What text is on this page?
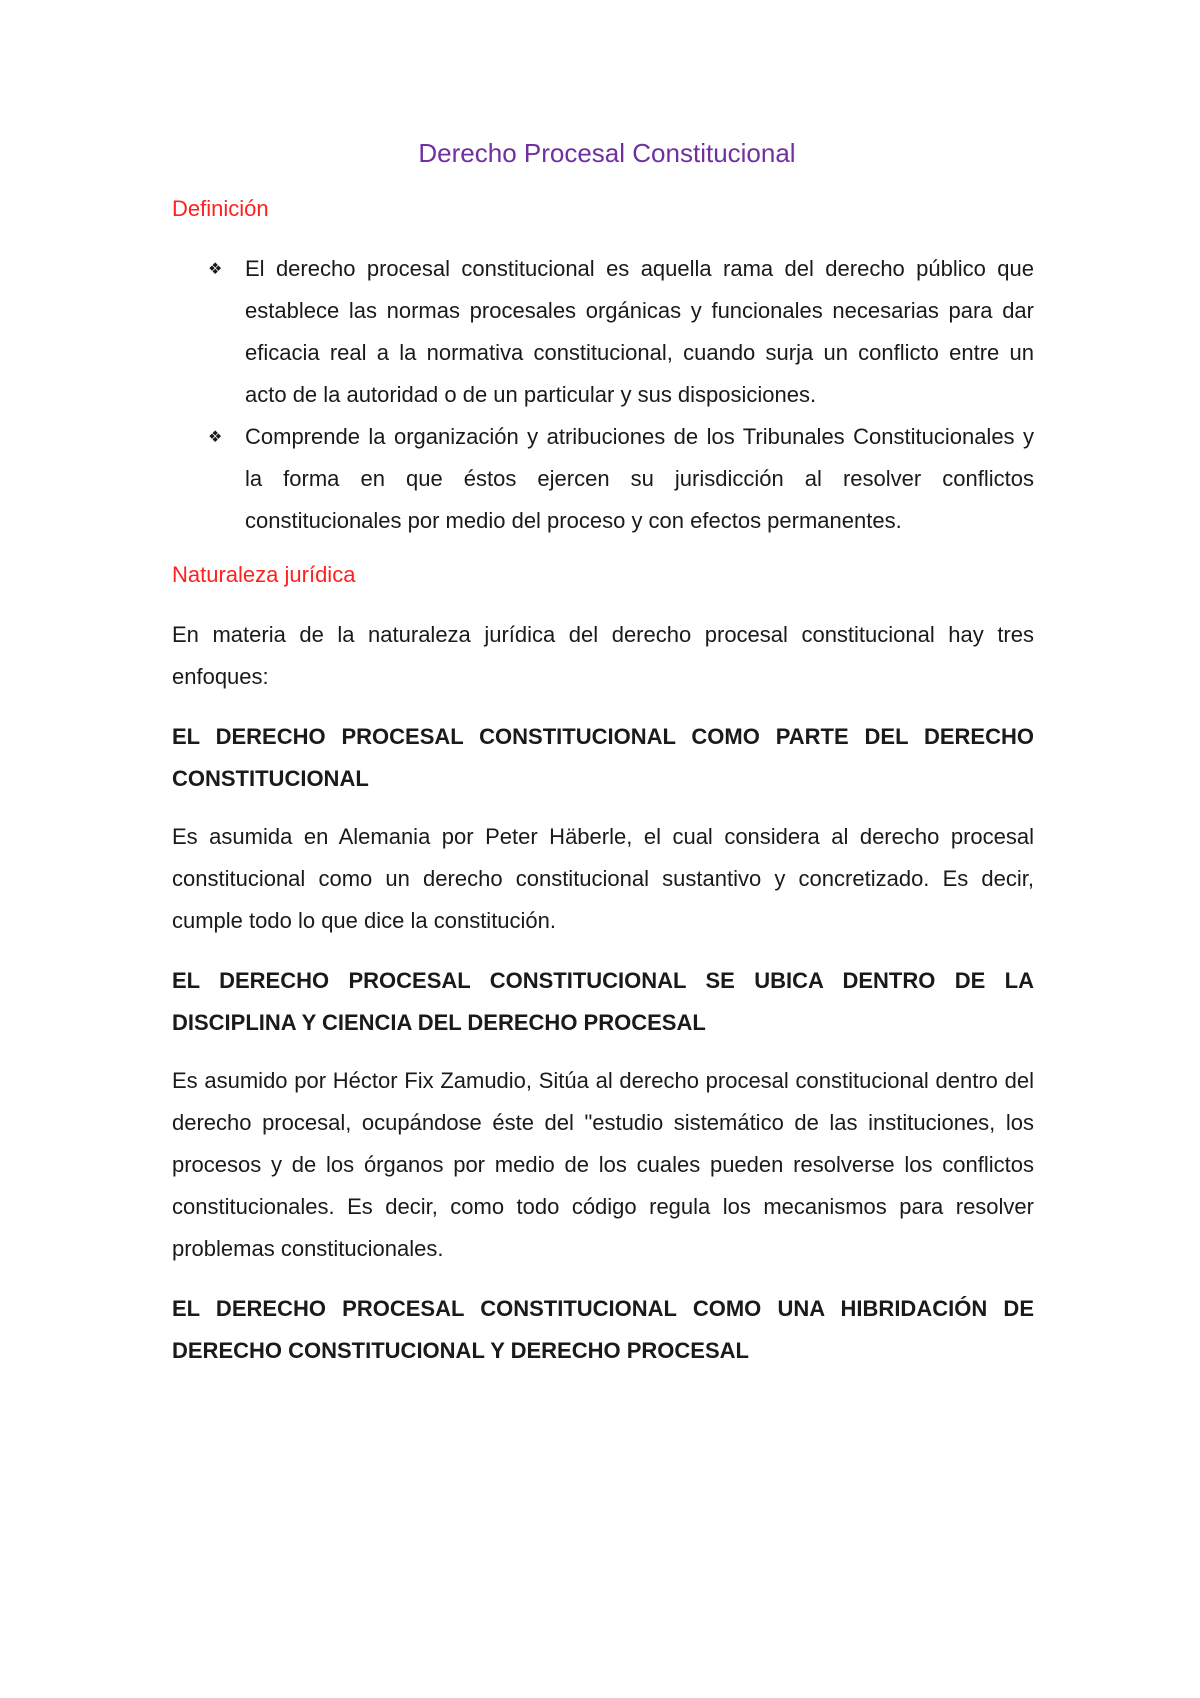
Derecho Procesal Constitucional
Definición
❖	El derecho procesal constitucional es aquella rama del derecho público que establece las normas procesales orgánicas y funcionales necesarias para dar eficacia real a la normativa constitucional, cuando surja un conflicto entre un acto de la autoridad o de un particular y sus disposiciones.
❖	Comprende la organización y atribuciones de los Tribunales Constitucionales y la forma en que éstos ejercen su jurisdicción al resolver conflictos constitucionales por medio del proceso y con efectos permanentes.
Naturaleza jurídica

En materia de la naturaleza jurídica del derecho procesal constitucional hay tres enfoques:

EL DERECHO PROCESAL CONSTITUCIONAL COMO PARTE DEL DERECHO CONSTITUCIONAL

Es asumida en Alemania por Peter Häberle, el cual considera al derecho procesal constitucional como un derecho constitucional sustantivo y concretizado. Es decir, cumple todo lo que dice la constitución.

EL DERECHO PROCESAL CONSTITUCIONAL SE UBICA DENTRO DE LA DISCIPLINA Y CIENCIA DEL DERECHO PROCESAL

Es asumido por Héctor Fix Zamudio, Sitúa al derecho procesal constitucional dentro del derecho procesal, ocupándose éste del "estudio sistemático de las instituciones, los procesos y de los órganos por medio de los cuales pueden resolverse los conflictos constitucionales. Es decir, como todo código regula los mecanismos para resolver problemas constitucionales.

EL DERECHO PROCESAL CONSTITUCIONAL COMO UNA HIBRIDACIÓN DE DERECHO CONSTITUCIONAL Y DERECHO PROCESAL
